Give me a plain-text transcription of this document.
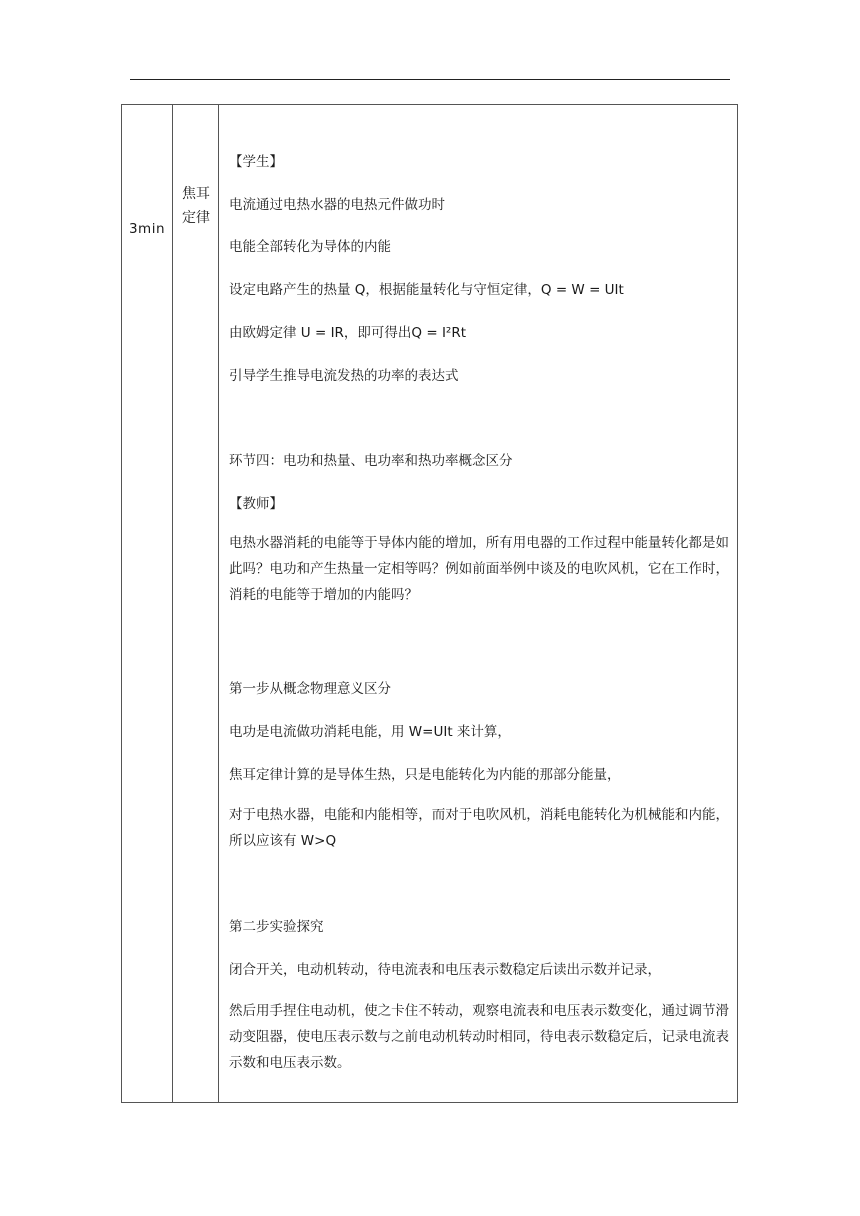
3min
焦耳定律
【学生】
电流通过电热水器的电热元件做功时
电能全部转化为导体的内能
设定电路产生的热量 Q，根据能量转化与守恒定律，Q = W = UIt
由欧姆定律 U = IR，即可得出Q = I²Rt
引导学生推导电流发热的功率的表达式
环节四：电功和热量、电功率和热功率概念区分
【教师】
电热水器消耗的电能等于导体内能的增加，所有用电器的工作过程中能量转化都是如此吗？电功和产生热量一定相等吗？例如前面举例中谈及的电吹风机，它在工作时，消耗的电能等于增加的内能吗？
第一步从概念物理意义区分
电功是电流做功消耗电能，用 W=UIt 来计算，
焦耳定律计算的是导体生热，只是电能转化为内能的那部分能量，
对于电热水器，电能和内能相等，而对于电吹风机，消耗电能转化为机械能和内能，所以应该有 W>Q
第二步实验探究
闭合开关，电动机转动，待电流表和电压表示数稳定后读出示数并记录，
然后用手捏住电动机，使之卡住不转动，观察电流表和电压表示数变化，通过调节滑动变阻器，使电压表示数与之前电动机转动时相同，待电表示数稳定后，记录电流表示数和电压表示数。
